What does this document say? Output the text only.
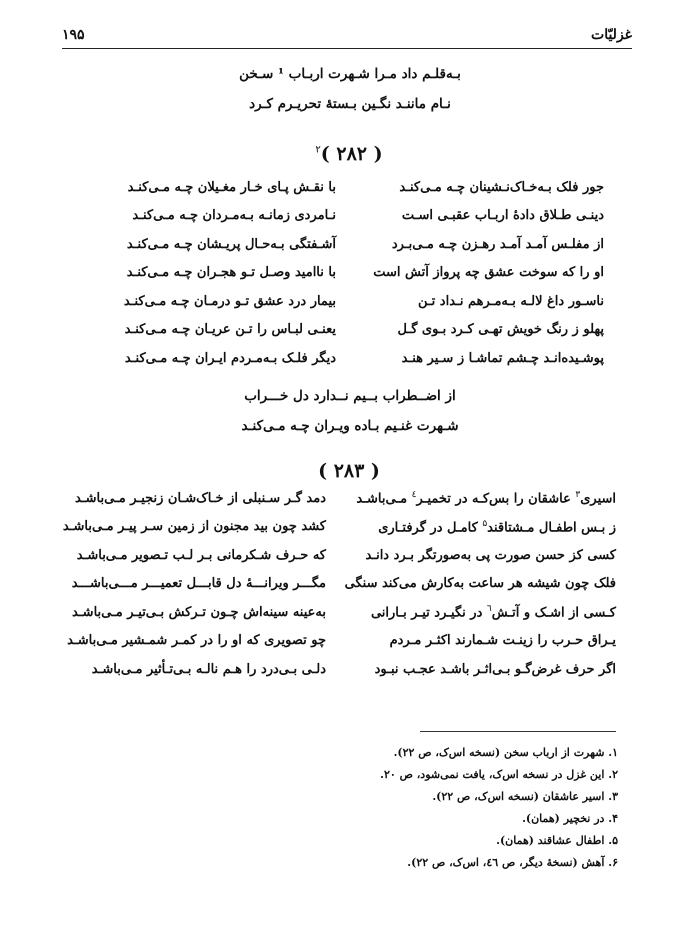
۱۹۵	غزلیّات
بـه‌قلـم داد مـرا شـهرت اربـاب ¹ سـخن
نـام ماننـد نگـین بـستهٔ تحریـرم کـرد
( ۲۸۲ )$^۲$
جور فلک بـه‌خـاک‌نـشینان چـه مـی‌کنـد
با نقـش پـای خـار مغـیلان چـه مـی‌کنـد
دینـی طـلاق دادهٔ اربـاب عقبـی اسـت
نـامردی زمانـه بـه‌مـردان چـه مـی‌کنـد
از مفلـس آمـد آمـد رهـزن چـه مـی‌بـرد
آشـفتگی بـه‌حـال پریـشان چـه مـی‌کنـد
او را که سوخت عشق چه پرواز آتش است
با ناامید وصـل تـو هجـران چـه مـی‌کنـد
ناسـور داغ لالـه بـه‌مـرهم نـداد تـن
بیمار درد عشق تـو درمـان چـه مـی‌کنـد
پهلو ز رنگ خویش تهـی کـرد بـوی گـل
یعنـی لبـاس را تـن عریـان چـه مـی‌کنـد
پوشـیده‌انـد چـشم تماشـا ز سـیر هنـد
دیگر فلـک بـه‌مـردم ایـران چـه مـی‌کنـد
از اضــطراب بــیم نــدارد دل خـــراب
شـهرت غنـیم بـاده ویـران چـه مـی‌کنـد
( ۲۸۳ )
اسیری$^۳$ عاشقان را بس‌کـه در تخمیـر$^٤$ مـی‌باشـد
دمد گـر سـنبلی از خـاک‌شـان زنجیـر مـی‌باشـد
ز بـس اطفـال مـشتاقند$^۵$ کامـل در گرفتـاری
کشد چون بید مجنون از زمین سـر پیـر مـی‌باشـد
کسی کز حسن صورت پی به‌صورتگر بـرد دانـد
که حـرف شـکرمانی بـر لـب تـصویر مـی‌باشـد
فلک چون شیشه هر ساعت به‌کارش می‌کند سنگی
مگـــر ویرانـــهٔ دل قابـــل تعمیـــر مـــی‌باشـــد
کـسی از اشـک و آتـش$^٦$ در نگیـرد تیـر بـارانی
به‌عینه سینه‌اش چـون تـرکش بـی‌تیـر مـی‌باشـد
یـراق حـرب را زینـت شـمارند اکثـر مـردم
چو تصویری که او را در کمـر شمـشیر مـی‌باشـد
اگر حرف غرض‌گـو بـی‌اثـر باشـد عجـب نبـود
دلـی بـی‌درد را هـم نالـه بـی‌تـأثیر مـی‌باشـد
۱. شهرت از ارباب سخن (نسخه اس‌ک، ص ۲۲).
۲. این غزل در نسخه اس‌ک، یافت نمی‌شود، ص ۲۰.
۳. اسیر عاشقان (نسخه اس‌ک، ص ۲۲).
۴. در نخچیر (همان).
۵. اطفال عشاقند (همان).
۶. آهش (نسخهٔ دیگر، ص ٤٦، اس‌ک، ص ۲۲).
